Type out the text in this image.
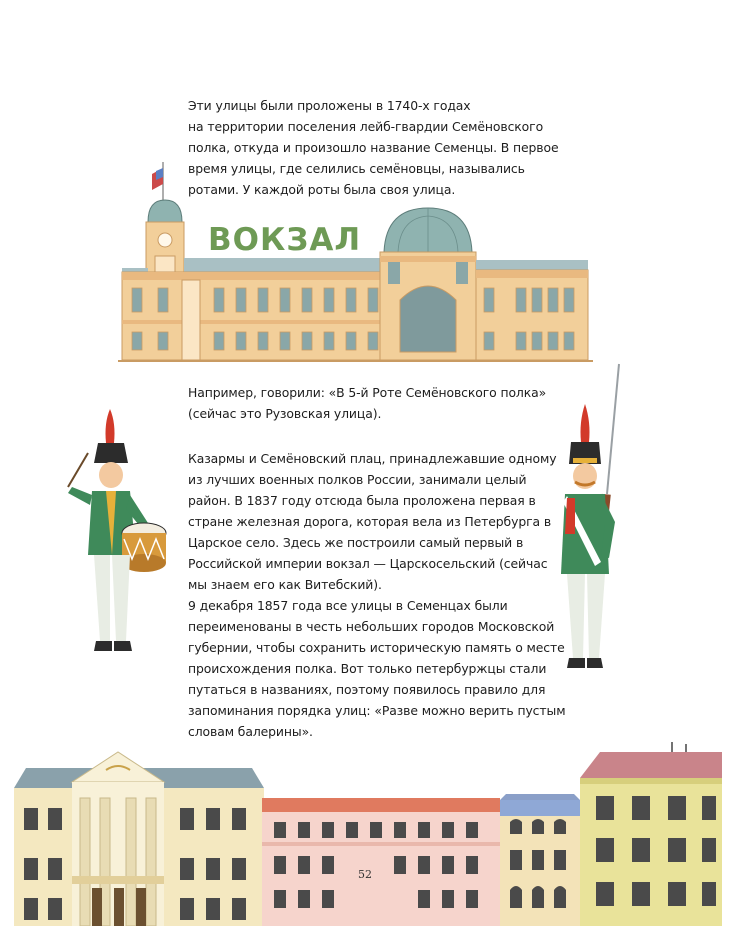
Эти улицы были проложены в 1740-х годах
на территории поселения лейб-гвардии Семёновского
полка, откуда и произошло название Семенцы. В первое
время улицы, где селились семёновцы, назывались
ротами. У каждой роты была своя улица.
ВОКЗАЛ
Например, говорили: «В 5-й Роте Семёновского полка»
(сейчас это Рузовская улица).
Казармы и Семёновский плац, принадлежавшие одному
из лучших военных полков России, занимали целый
район. В 1837 году отсюда была проложена первая в
стране железная дорога, которая вела из Петербурга в
Царское село. Здесь же построили самый первый в
Российской империи вокзал — Царскосельский (сейчас
мы знаем его как Витебский).
9 декабря 1857 года все улицы в Семенцах были
переименованы в честь небольших городов Московской
губернии, чтобы сохранить историческую память о месте
происхождения полка. Вот только петербуржцы стали
путаться в названиях, поэтому появилось правило для
запоминания порядка улиц: «Разве можно верить пустым
словам балерины».
52
